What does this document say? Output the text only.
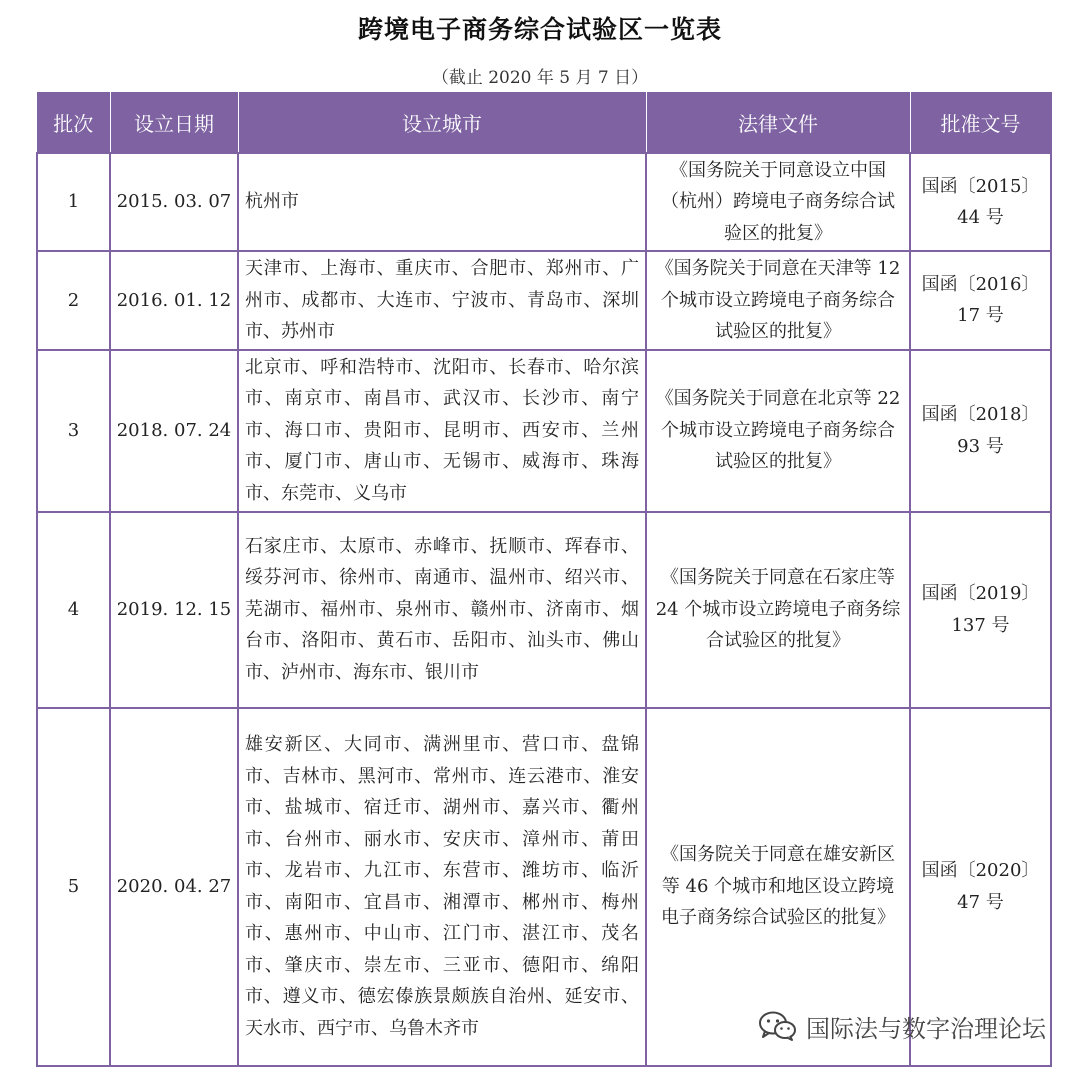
跨境电子商务综合试验区一览表
（截止 2020 年 5 月 7 日）
批次	设立日期	设立城市	法律文件	批准文号
1	2015. 03. 07	杭州市	《国务院关于同意设立中国（杭州）跨境电子商务综合试验区的批复》	国函〔2015〕44 号
2	2016. 01. 12	天津市、上海市、重庆市、合肥市、郑州市、广州市、成都市、大连市、宁波市、青岛市、深圳市、苏州市	《国务院关于同意在天津等 12 个城市设立跨境电子商务综合试验区的批复》	国函〔2016〕17 号
3	2018. 07. 24	北京市、呼和浩特市、沈阳市、长春市、哈尔滨市、南京市、南昌市、武汉市、长沙市、南宁市、海口市、贵阳市、昆明市、西安市、兰州市、厦门市、唐山市、无锡市、威海市、珠海市、东莞市、义乌市	《国务院关于同意在北京等 22 个城市设立跨境电子商务综合试验区的批复》	国函〔2018〕93 号
4	2019. 12. 15	石家庄市、太原市、赤峰市、抚顺市、珲春市、绥芬河市、徐州市、南通市、温州市、绍兴市、芜湖市、福州市、泉州市、赣州市、济南市、烟台市、洛阳市、黄石市、岳阳市、汕头市、佛山市、泸州市、海东市、银川市	《国务院关于同意在石家庄等 24 个城市设立跨境电子商务综合试验区的批复》	国函〔2019〕137 号
5	2020. 04. 27	雄安新区、大同市、满洲里市、营口市、盘锦市、吉林市、黑河市、常州市、连云港市、淮安市、盐城市、宿迁市、湖州市、嘉兴市、衢州市、台州市、丽水市、安庆市、漳州市、莆田市、龙岩市、九江市、东营市、潍坊市、临沂市、南阳市、宜昌市、湘潭市、郴州市、梅州市、惠州市、中山市、江门市、湛江市、茂名市、肇庆市、崇左市、三亚市、德阳市、绵阳市、遵义市、德宏傣族景颇族自治州、延安市、天水市、西宁市、乌鲁木齐市	《国务院关于同意在雄安新区等 46 个城市和地区设立跨境电子商务综合试验区的批复》	国函〔2020〕47 号
国际法与数字治理论坛
